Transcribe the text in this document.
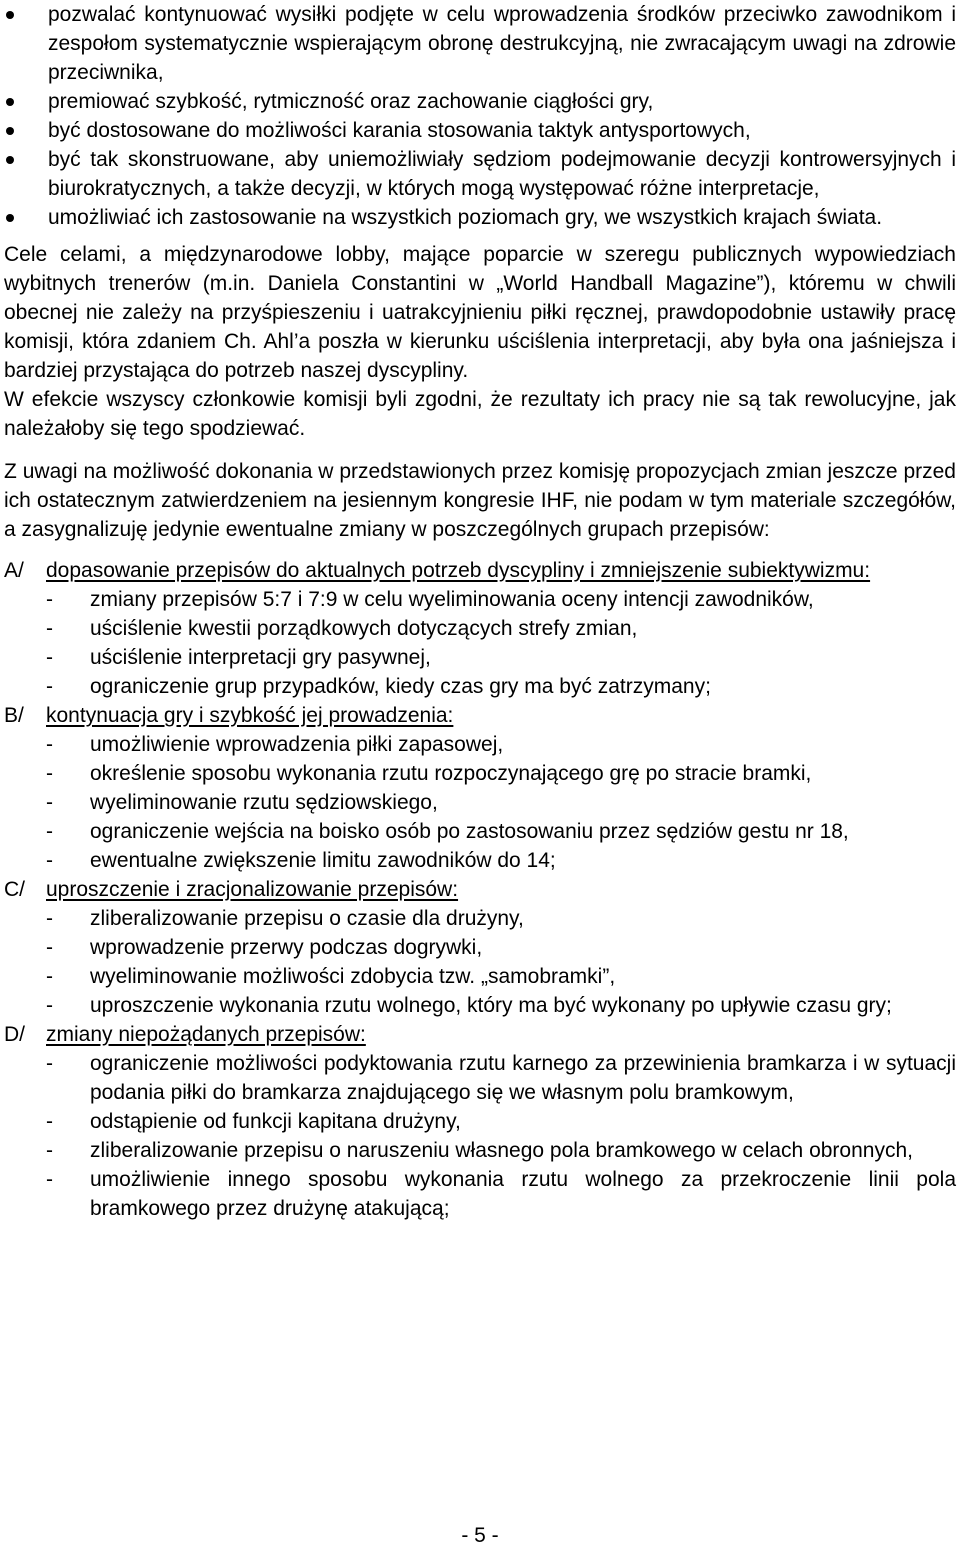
pozwalać kontynuować wysiłki podjęte w celu wprowadzenia środków przeciwko zawodnikom i zespołom systematycznie wspierającym obronę destrukcyjną, nie zwracającym uwagi na zdrowie przeciwnika,
premiować szybkość, rytmiczność oraz zachowanie ciągłości gry,
być dostosowane do możliwości karania stosowania taktyk antysportowych,
być tak skonstruowane, aby uniemożliwiały sędziom podejmowanie decyzji kontrowersyjnych i biurokratycznych, a także decyzji, w których mogą występować różne interpretacje,
umożliwiać ich zastosowanie na wszystkich poziomach gry, we wszystkich krajach świata.

Cele celami, a międzynarodowe lobby, mające poparcie w szeregu publicznych wypowiedziach wybitnych trenerów (m.in. Daniela Constantini w „World Handball Magazine”), któremu w chwili obecnej nie zależy na przyśpieszeniu i uatrakcyjnieniu piłki ręcznej, prawdopodobnie ustawiły pracę komisji, która zdaniem Ch. Ahl’a poszła w kierunku uściślenia interpretacji, aby była ona jaśniejsza i bardziej przystająca do potrzeb naszej dyscypliny.

W efekcie wszyscy członkowie komisji byli zgodni, że rezultaty ich pracy nie są tak rewolucyjne, jak należałoby się tego spodziewać.

Z uwagi na możliwość dokonania w przedstawionych przez komisję propozycjach zmian jeszcze przed ich ostatecznym zatwierdzeniem na jesiennym kongresie IHF, nie podam w tym materiale szczegółów, a zasygnalizuję jedynie ewentualne zmiany w poszczególnych grupach przepisów:

A/ dopasowanie przepisów do aktualnych potrzeb dyscypliny i zmniejszenie subiektywizmu:
- zmiany przepisów 5:7 i 7:9 w celu wyeliminowania oceny intencji zawodników,
- uściślenie kwestii porządkowych dotyczących strefy zmian,
- uściślenie interpretacji gry pasywnej,
- ograniczenie grup przypadków, kiedy czas gry ma być zatrzymany;
B/ kontynuacja gry i szybkość jej prowadzenia:
- umożliwienie wprowadzenia piłki zapasowej,
- określenie sposobu wykonania rzutu rozpoczynającego grę po stracie bramki,
- wyeliminowanie rzutu sędziowskiego,
- ograniczenie wejścia na boisko osób po zastosowaniu przez sędziów gestu nr 18,
- ewentualne zwiększenie limitu zawodników do 14;
C/ uproszczenie i zracjonalizowanie przepisów:
- zliberalizowanie przepisu o czasie dla drużyny,
- wprowadzenie przerwy podczas dogrywki,
- wyeliminowanie możliwości zdobycia tzw. „samobramki”,
- uproszczenie wykonania rzutu wolnego, który ma być wykonany po upływie czasu gry;
D/ zmiany niepożądanych przepisów:
- ograniczenie możliwości podyktowania rzutu karnego za przewinienia bramkarza i w sytuacji podania piłki do bramkarza znajdującego się we własnym polu bramkowym,
- odstąpienie od funkcji kapitana drużyny,
- zliberalizowanie przepisu o naruszeniu własnego pola bramkowego w celach obronnych,
- umożliwienie innego sposobu wykonania rzutu wolnego za przekroczenie linii pola bramkowego przez drużynę atakującą;
- 5 -
